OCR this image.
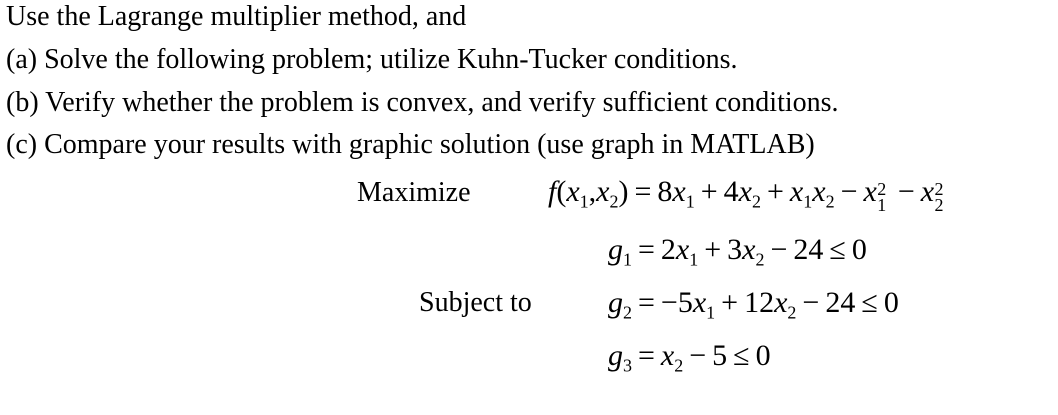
Use the Lagrange multiplier method, and
(a) Solve the following problem; utilize Kuhn-Tucker conditions.
(b) Verify whether the problem is convex, and verify sufficient conditions.
(c) Compare your results with graphic solution (use graph in MATLAB)
Maximize
Subject to
$f(x_1,x_2) = 8x_1 + 4x_2 + x_1x_2 - x$ 2
1 − x 2
2
$g_1 = 2x_1 + 3x_2 - 24 \le 0$
$g_2 = -5x_1 + 12x_2 - 24 \le 0$
$g_3 = x_2 - 5 \le 0$
